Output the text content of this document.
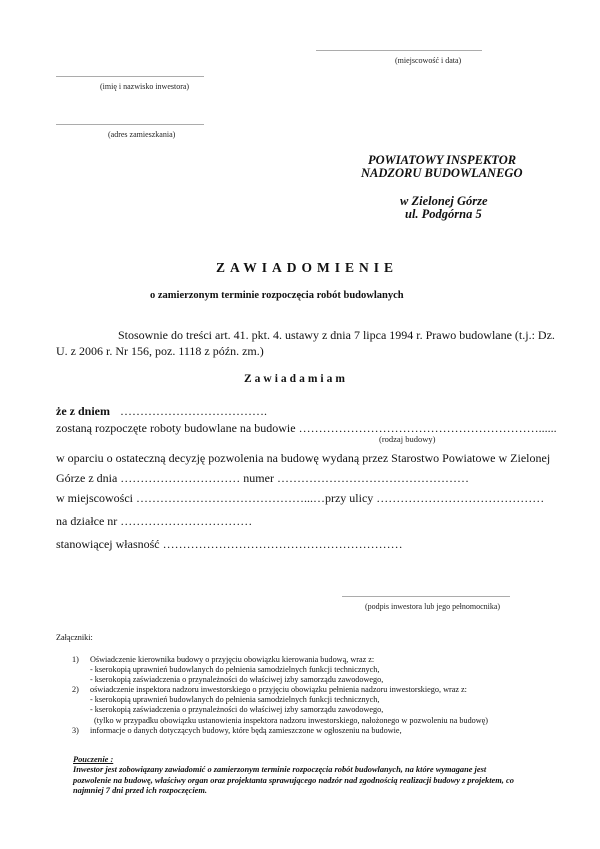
...................................................................................
(miejscowość i data)
..........................................................................
(imię i nazwisko inwestora)
..........................................................................
(adres zamieszkania)
POWIATOWY INSPEKTOR
NADZORU BUDOWLANEGO
w Zielonej Górze
ul. Podgórna 5
ZAWIADOMIENIE
o zamierzonym terminie rozpoczęcia robót budowlanych
Stosownie do treści art. 41. pkt. 4. ustawy z dnia 7 lipca 1994 r. Prawo budowlane (t.j.: Dz.
U. z 2006 r. Nr 156, poz. 1118 z późn. zm.)
Zawiadamiam
że z dniem ……………………………….
zostaną rozpoczęte roboty budowlane na budowie ……………………………………………………......
(rodzaj budowy)
w oparciu o ostateczną decyzję pozwolenia na budowę wydaną przez Starostwo Powiatowe w Zielonej
Górze z dnia ………………………… numer …………………………………………
w miejscowości ……………………………………...…przy ulicy ……………………………………
na działce nr ……………………………
stanowiącej własność ……………………………………………………
....................................................................................
(podpis inwestora lub jego pełnomocnika)
Załączniki:
1)	Oświadczenie kierownika budowy o przyjęciu obowiązku kierowania budową, wraz z:
- kserokopią uprawnień budowlanych do pełnienia samodzielnych funkcji technicznych,
- kserokopią zaświadczenia o przynależności do właściwej izby samorządu zawodowego,
2)	oświadczenie inspektora nadzoru inwestorskiego o przyjęciu obowiązku pełnienia nadzoru inwestorskiego, wraz z:
- kserokopią uprawnień budowlanych do pełnienia samodzielnych funkcji technicznych,
- kserokopią zaświadczenia o przynależności do właściwej izby samorządu zawodowego,
(tylko w przypadku obowiązku ustanowienia inspektora nadzoru inwestorskiego, nałożonego w pozwoleniu na budowę)
3)	informacje o danych dotyczących budowy, które będą zamieszczone w ogłoszeniu na budowie,
Pouczenie :
Inwestor jest zobowiązany zawiadomić o zamierzonym terminie rozpoczęcia robót budowlanych, na które wymagane jest pozwolenie na budowę, właściwy organ oraz projektanta sprawującego nadzór nad zgodnością realizacji budowy z projektem, co najmniej 7 dni przed ich rozpoczęciem.
